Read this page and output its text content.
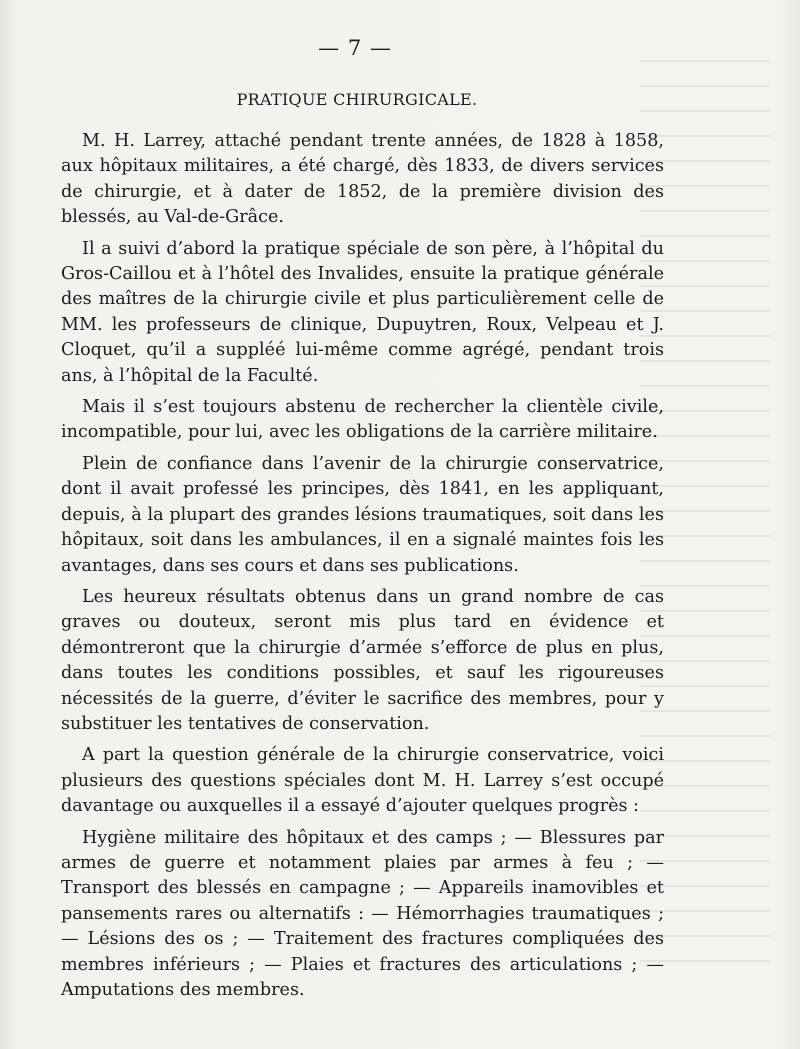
— 7 —
PRATIQUE CHIRURGICALE.

M. H. Larrey, attaché pendant trente années, de 1828 à 1858, aux hôpitaux militaires, a été chargé, dès 1833, de divers services de chirurgie, et à dater de 1852, de la première division des blessés, au Val-de-Grâce.

Il a suivi d’abord la pratique spéciale de son père, à l’hôpital du Gros-Caillou et à l’hôtel des Invalides, ensuite la pratique générale des maîtres de la chirurgie civile et plus particulièrement celle de MM. les professeurs de clinique, Dupuytren, Roux, Velpeau et J. Cloquet, qu’il a suppléé lui-même comme agrégé, pendant trois ans, à l’hôpital de la Faculté.

Mais il s’est toujours abstenu de rechercher la clientèle civile, incompatible, pour lui, avec les obligations de la carrière militaire.

Plein de confiance dans l’avenir de la chirurgie conservatrice, dont il avait professé les principes, dès 1841, en les appliquant, depuis, à la plupart des grandes lésions traumatiques, soit dans les hôpitaux, soit dans les ambulances, il en a signalé maintes fois les avantages, dans ses cours et dans ses publications.

Les heureux résultats obtenus dans un grand nombre de cas graves ou douteux, seront mis plus tard en évidence et démontreront que la chirurgie d’armée s’efforce de plus en plus, dans toutes les conditions possibles, et sauf les rigoureuses nécessités de la guerre, d’éviter le sacrifice des membres, pour y substituer les tentatives de conservation.

A part la question générale de la chirurgie conservatrice, voici plusieurs des questions spéciales dont M. H. Larrey s’est occupé davantage ou auxquelles il a essayé d’ajouter quelques progrès :

Hygiène militaire des hôpitaux et des camps ; — Blessures par armes de guerre et notamment plaies par armes à feu ; — Transport des blessés en campagne ; — Appareils inamovibles et pansements rares ou alternatifs : — Hémorrhagies traumatiques ; — Lésions des os ; — Traitement des fractures compliquées des membres inférieurs ; — Plaies et fractures des articulations ; — Amputations des membres.
